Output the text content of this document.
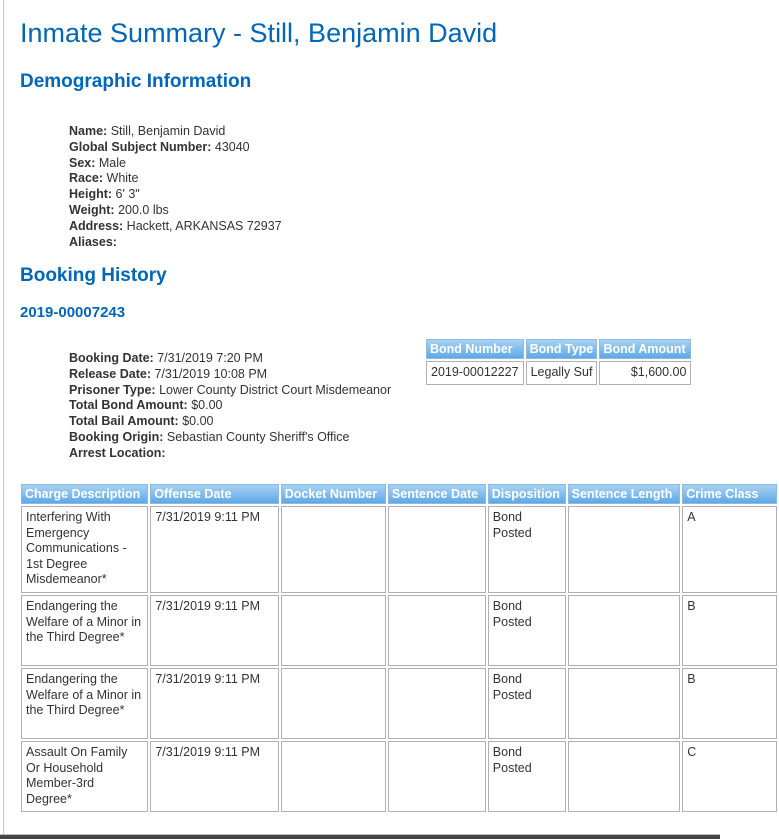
Inmate Summary - Still, Benjamin David
Demographic Information
Name: Still, Benjamin David
Global Subject Number: 43040
Sex: Male
Race: White
Height: 6' 3"
Weight: 200.0 lbs
Address: Hackett, ARKANSAS 72937
Aliases:
Booking History
2019-00007243
Booking Date: 7/31/2019 7:20 PM
Release Date: 7/31/2019 10:08 PM
Prisoner Type: Lower County District Court Misdemeanor
Total Bond Amount: $0.00
Total Bail Amount: $0.00
Booking Origin: Sebastian County Sheriff's Office
Arrest Location:
Bond Number	Bond Type	Bond Amount
2019-00012227	Legally Suf	$1,600.00
Charge Description	Offense Date	Docket Number	Sentence Date	Disposition	Sentence Length	Crime Class
Interfering With Emergency Communications - 1st Degree Misdemeanor*	7/31/2019 9:11 PM			Bond Posted		A
Endangering the Welfare of a Minor in the Third Degree*	7/31/2019 9:11 PM			Bond Posted		B
Endangering the Welfare of a Minor in the Third Degree*	7/31/2019 9:11 PM			Bond Posted		B
Assault On Family Or Household Member-3rd Degree*	7/31/2019 9:11 PM			Bond Posted		C
